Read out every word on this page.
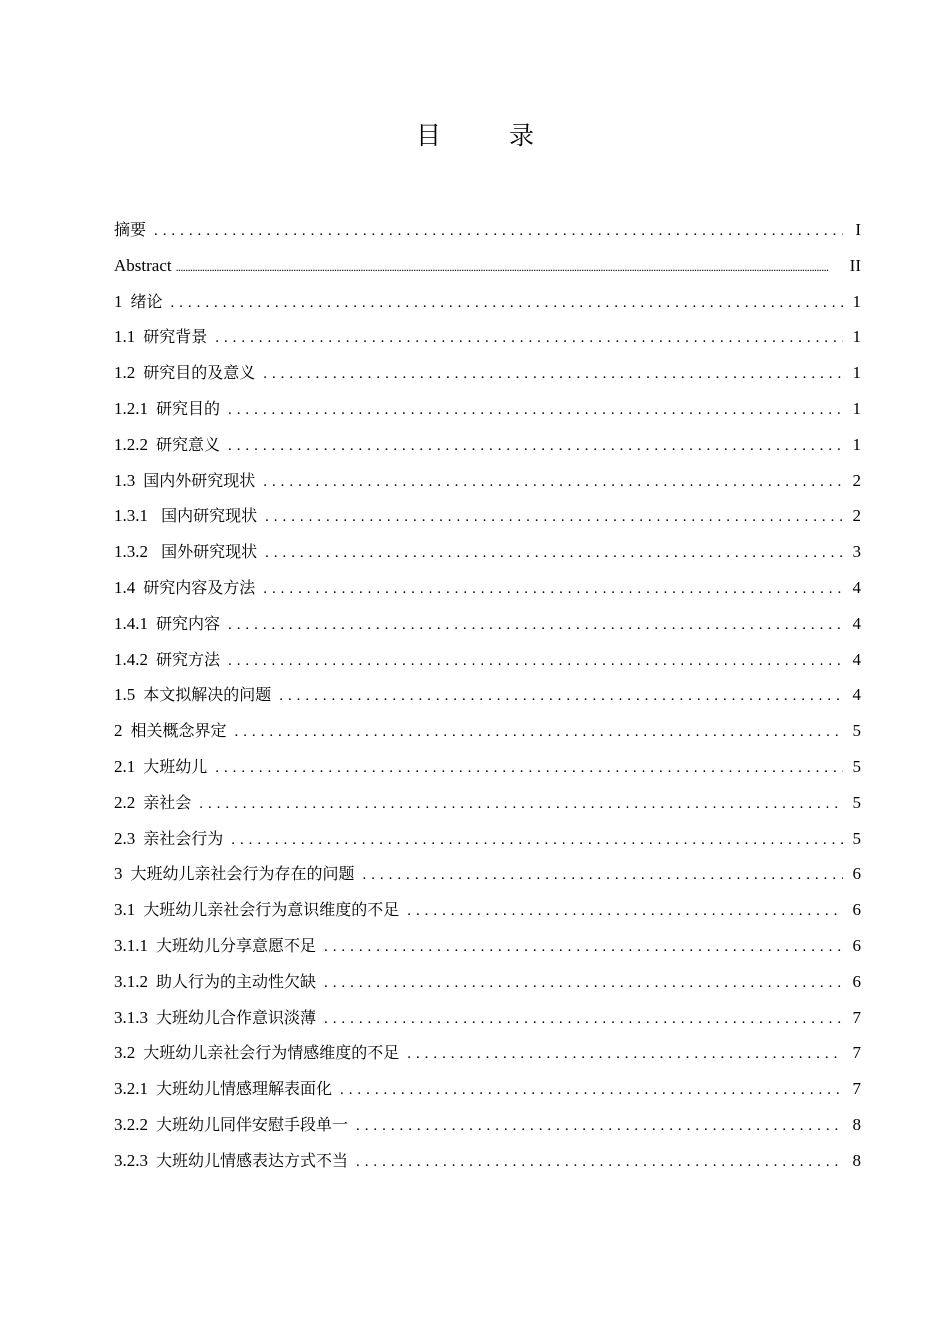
目 录
摘要 . . .	I
Abstract .....	II
1 绪论 . . .	1
1.1 研究背景 . . .	1
1.2 研究目的及意义 . . .	1
1.2.1 研究目的 . . .	1
1.2.2 研究意义 . . .	1
1.3 国内外研究现状 . . .	2
1.3.1 国内研究现状 . . .	2
1.3.2 国外研究现状 . . .	3
1.4 研究内容及方法 . . .	4
1.4.1 研究内容 . . .	4
1.4.2 研究方法 . . .	4
1.5 本文拟解决的问题 . . .	4
2 相关概念界定 . . .	5
2.1 大班幼儿 . . .	5
2.2 亲社会 . . .	5
2.3 亲社会行为 . . .	5
3 大班幼儿亲社会行为存在的问题 . . .	6
3.1 大班幼儿亲社会行为意识维度的不足 . . .	6
3.1.1 大班幼儿分享意愿不足 . . .	6
3.1.2 助人行为的主动性欠缺 . . .	6
3.1.3 大班幼儿合作意识淡薄 . . .	7
3.2 大班幼儿亲社会行为情感维度的不足 . . .	7
3.2.1 大班幼儿情感理解表面化 . . .	7
3.2.2 大班幼儿同伴安慰手段单一 . . .	8
3.2.3 大班幼儿情感表达方式不当 . . .	8
